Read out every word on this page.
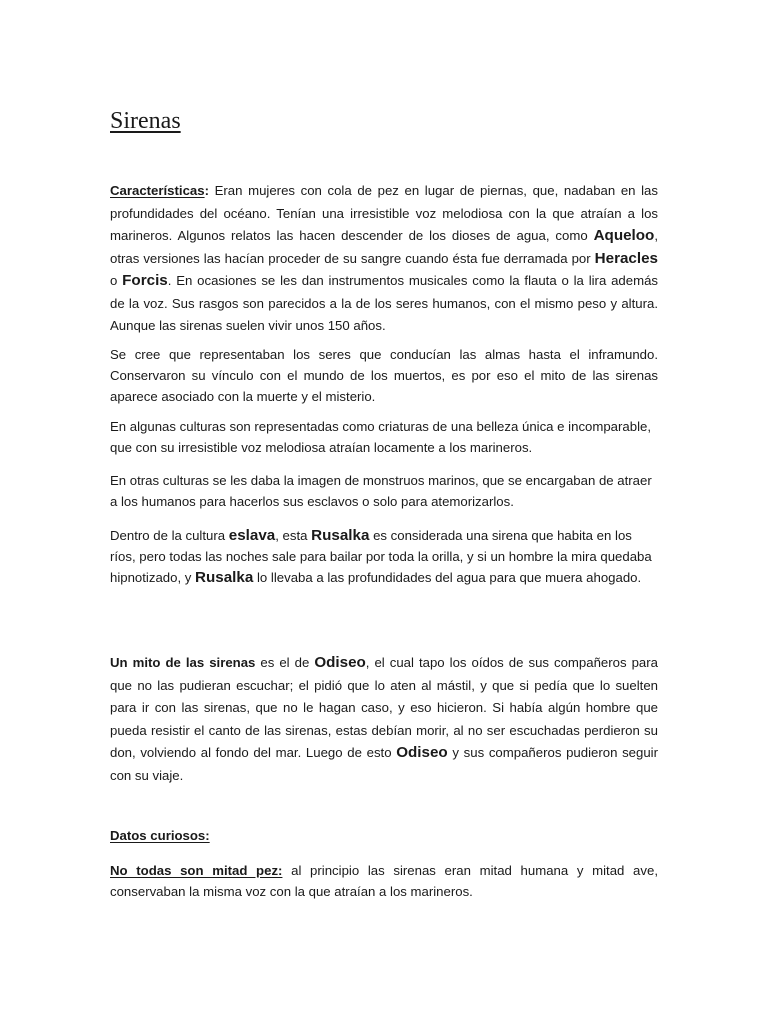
Sirenas

Características: Eran mujeres con cola de pez en lugar de piernas, que, nadaban en las profundidades del océano. Tenían una irresistible voz melodiosa con la que atraían a los marineros. Algunos relatos las hacen descender de los dioses de agua, como Aqueloo, otras versiones las hacían proceder de su sangre cuando ésta fue derramada por Heracles o Forcis. En ocasiones se les dan instrumentos musicales como la flauta o la lira además de la voz. Sus rasgos son parecidos a la de los seres humanos, con el mismo peso y altura. Aunque las sirenas suelen vivir unos 150 años.

Se cree que representaban los seres que conducían las almas hasta el inframundo. Conservaron su vínculo con el mundo de los muertos, es por eso el mito de las sirenas aparece asociado con la muerte y el misterio.

En algunas culturas son representadas como criaturas de una belleza única e incomparable, que con su irresistible voz melodiosa atraían locamente a los marineros.

En otras culturas se les daba la imagen de monstruos marinos, que se encargaban de atraer a los humanos para hacerlos sus esclavos o solo para atemorizarlos.

Dentro de la cultura eslava, esta Rusalka es considerada una sirena que habita en los ríos, pero todas las noches sale para bailar por toda la orilla, y si un hombre la mira quedaba hipnotizado, y Rusalka lo llevaba a las profundidades del agua para que muera ahogado.

Un mito de las sirenas es el de Odiseo, el cual tapo los oídos de sus compañeros para que no las pudieran escuchar; el pidió que lo aten al mástil, y que si pedía que lo suelten para ir con las sirenas, que no le hagan caso, y eso hicieron. Si había algún hombre que pueda resistir el canto de las sirenas, estas debían morir, al no ser escuchadas perdieron su don, volviendo al fondo del mar. Luego de esto Odiseo y sus compañeros pudieron seguir con su viaje.

Datos curiosos:

No todas son mitad pez: al principio las sirenas eran mitad humana y mitad ave, conservaban la misma voz con la que atraían a los marineros.
